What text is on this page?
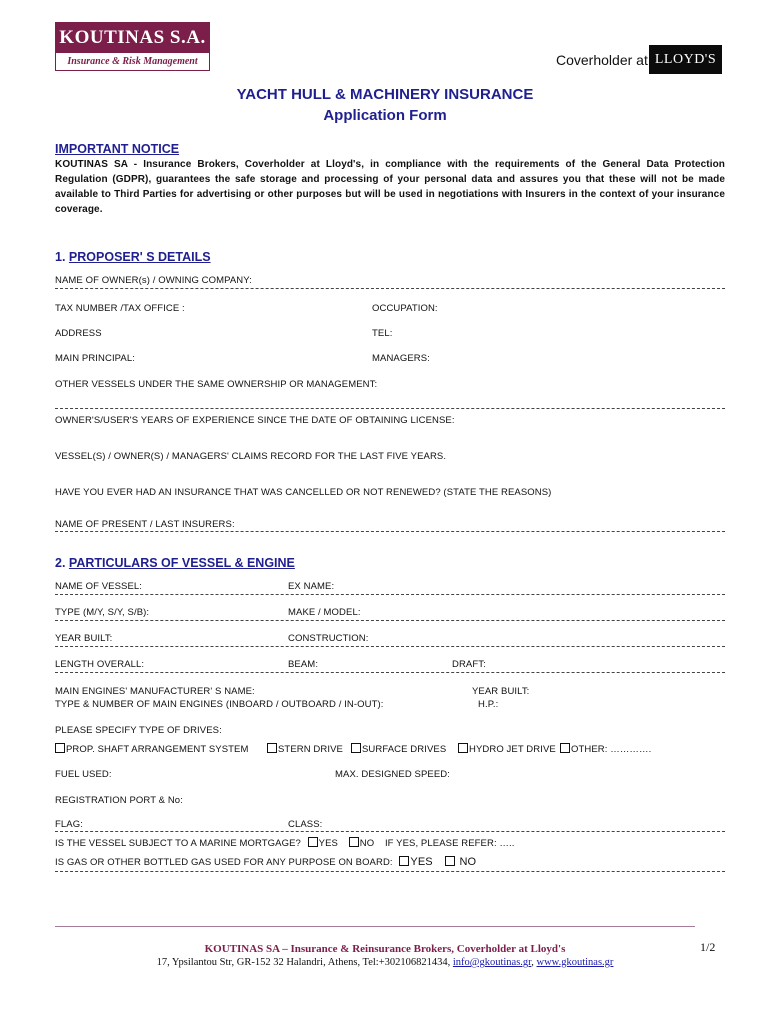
KOUTINAS S.A.
Insurance & Risk Management	Coverholder at LLOYD'S
YACHT HULL & MACHINERY INSURANCE
Application Form
IMPORTANT NOTICE
KOUTINAS SA - Insurance Brokers, Coverholder at Lloyd's, in compliance with the requirements of the General Data Protection Regulation (GDPR), guarantees the safe storage and processing of your personal data and assures you that these will not be made available to Third Parties for advertising or other purposes but will be used in negotiations with Insurers in the context of your insurance coverage.
1. PROPOSER' S DETAILS
NAME OF OWNER(s) / OWNING COMPANY:
TAX NUMBER /TAX OFFICE :	OCCUPATION:
ADDRESS	TEL:
MAIN PRINCIPAL:	MANAGERS:
OTHER VESSELS UNDER THE SAME OWNERSHIP OR MANAGEMENT:
OWNER'S/USER'S YEARS OF EXPERIENCE SINCE THE DATE OF OBTAINING LICENSE:
VESSEL(S) / OWNER(S) / MANAGERS' CLAIMS RECORD FOR THE LAST FIVE YEARS.
HAVE YOU EVER HAD AN INSURANCE THAT WAS CANCELLED OR NOT RENEWED? (STATE THE REASONS)
NAME OF PRESENT / LAST INSURERS:
2. PARTICULARS OF VESSEL & ENGINE
NAME OF VESSEL:	EX NAME:
TYPE (M/Y, S/Y, S/B):	MAKE / MODEL:
YEAR BUILT:	CONSTRUCTION:
LENGTH OVERALL:	BEAM:	DRAFT:
MAIN ENGINES' MANUFACTURER' S NAME:	YEAR BUILT:
TYPE & NUMBER OF MAIN ENGINES (INBOARD / OUTBOARD / IN-OUT):	H.P.:
PLEASE SPECIFY TYPE OF DRIVES:
PROP. SHAFT ARRANGEMENT SYSTEM	STERN DRIVE	SURFACE DRIVES	HYDRO JET DRIVE	OTHER: ………….
FUEL USED:	MAX. DESIGNED SPEED:
REGISTRATION PORT & No:
FLAG:	CLASS:
IS THE VESSEL SUBJECT TO A MARINE MORTGAGE? YES NO IF YES, PLEASE REFER: …..
IS GAS OR OTHER BOTTLED GAS USED FOR ANY PURPOSE ON BOARD: YES NO
KOUTINAS SA – Insurance & Reinsurance Brokers, Coverholder at Lloyd's
17, Ypsilantou Str, GR-152 32 Halandri, Athens, Tel:+302106821434, info@gkoutinas.gr, www.gkoutinas.gr
1/2
